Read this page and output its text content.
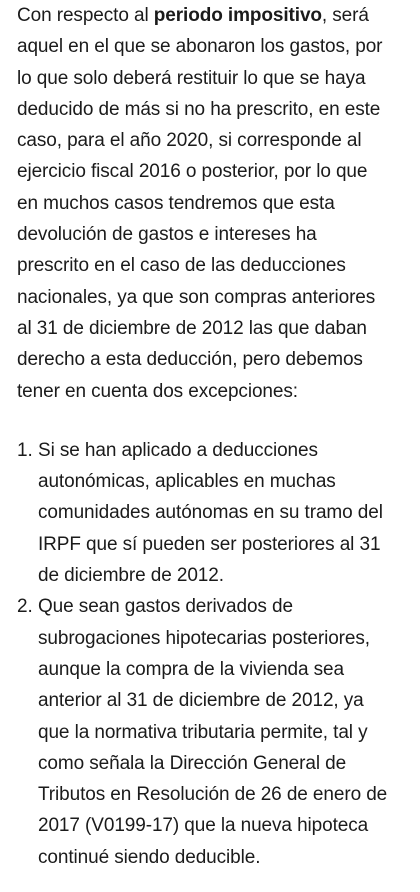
Con respecto al periodo impositivo, será
aquel en el que se abonaron los gastos, por
lo que solo deberá restituir lo que se haya
deducido de más si no ha prescrito, en este
caso, para el año 2020, si corresponde al
ejercicio fiscal 2016 o posterior, por lo que
en muchos casos tendremos que esta
devolución de gastos e intereses ha
prescrito en el caso de las deducciones
nacionales, ya que son compras anteriores
al 31 de diciembre de 2012 las que daban
derecho a esta deducción, pero debemos
tener en cuenta dos excepciones:

1. Si se han aplicado a deducciones
autonómicas, aplicables en muchas
comunidades autónomas en su tramo del
IRPF que sí pueden ser posteriores al 31
de diciembre de 2012.
2. Que sean gastos derivados de
subrogaciones hipotecarias posteriores,
aunque la compra de la vivienda sea
anterior al 31 de diciembre de 2012, ya
que la normativa tributaria permite, tal y
como señala la Dirección General de
Tributos en Resolución de 26 de enero de
2017 (V0199-17) que la nueva hipoteca
continué siendo deducible.
